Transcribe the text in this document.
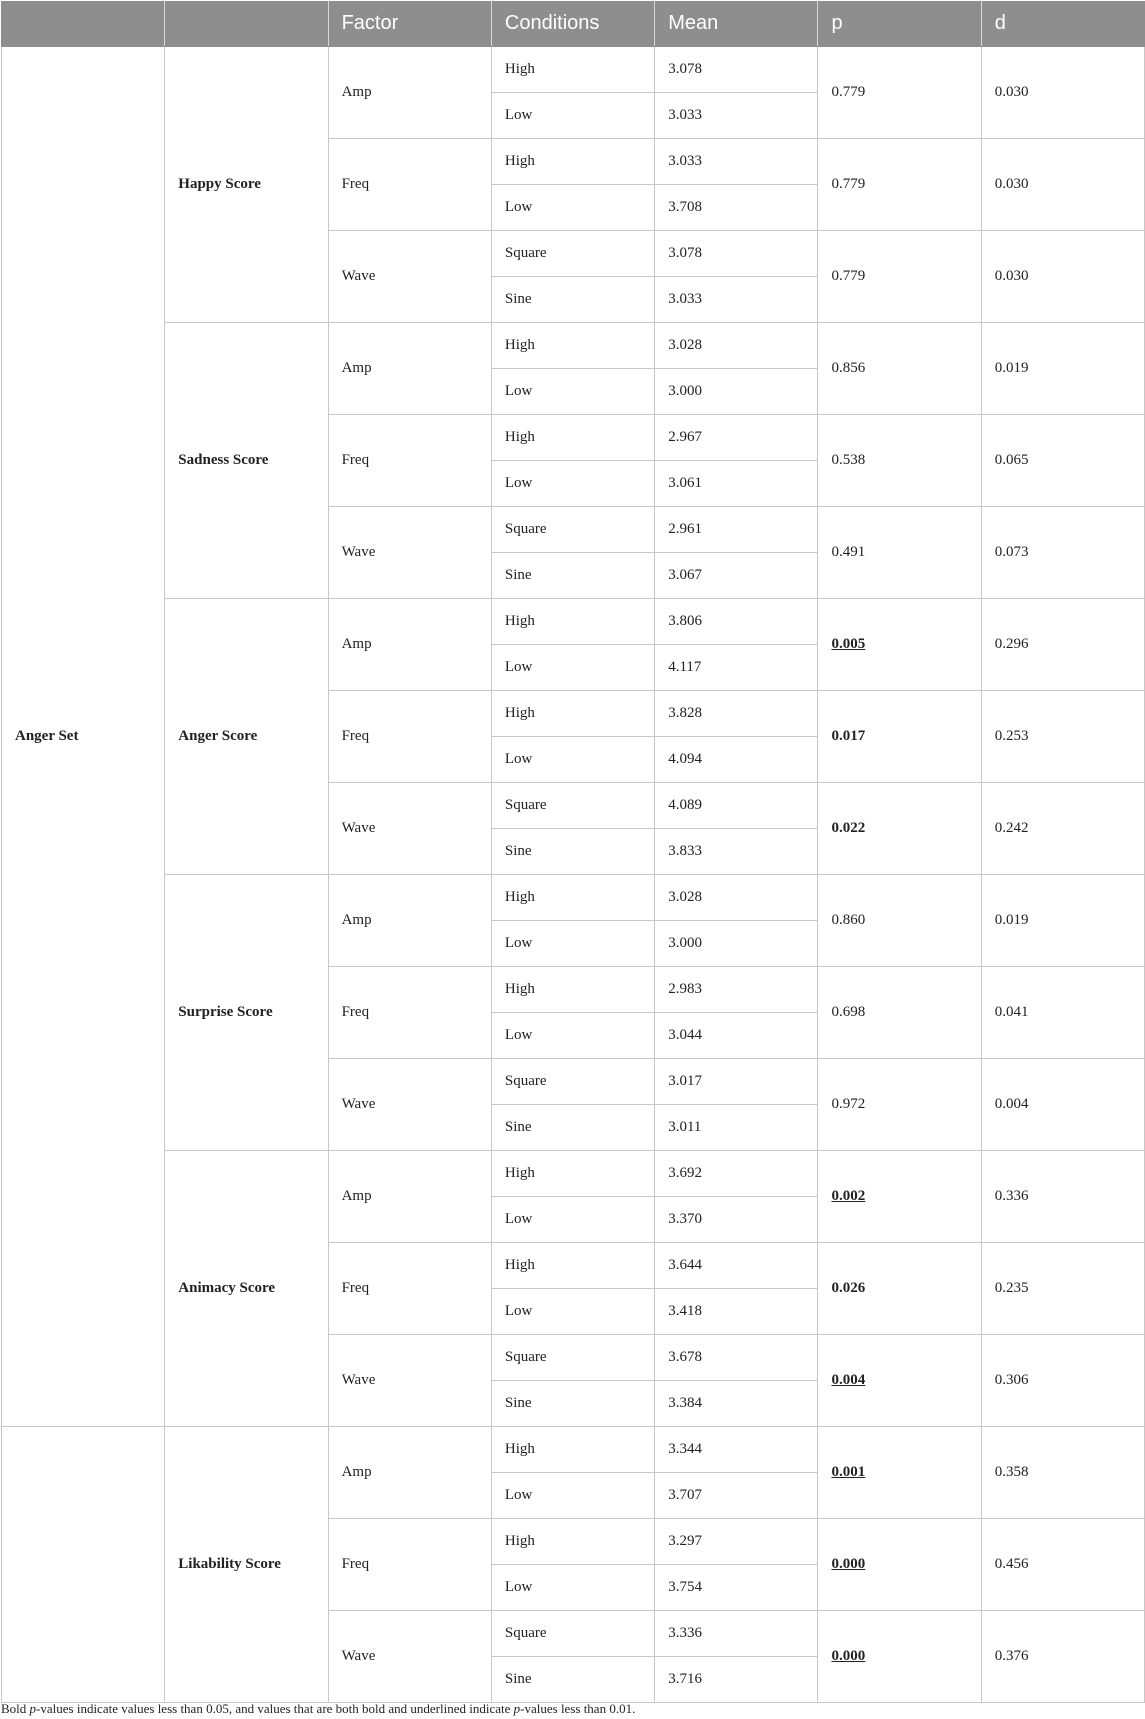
		Factor	Conditions	Mean	p	d
Anger Set	Happy Score	Amp	High	3.078	0.779	0.030
			Low	3.033		
		Freq	High	3.033	0.779	0.030
			Low	3.708		
		Wave	Square	3.078	0.779	0.030
			Sine	3.033		
	Sadness Score	Amp	High	3.028	0.856	0.019
			Low	3.000		
		Freq	High	2.967	0.538	0.065
			Low	3.061		
		Wave	Square	2.961	0.491	0.073
			Sine	3.067		
	Anger Score	Amp	High	3.806	0.005	0.296
			Low	4.117		
		Freq	High	3.828	0.017	0.253
			Low	4.094		
		Wave	Square	4.089	0.022	0.242
			Sine	3.833		
	Surprise Score	Amp	High	3.028	0.860	0.019
			Low	3.000		
		Freq	High	2.983	0.698	0.041
			Low	3.044		
		Wave	Square	3.017	0.972	0.004
			Sine	3.011		
	Animacy Score	Amp	High	3.692	0.002	0.336
			Low	3.370		
		Freq	High	3.644	0.026	0.235
			Low	3.418		
		Wave	Square	3.678	0.004	0.306
			Sine	3.384		
	Likability Score	Amp	High	3.344	0.001	0.358
			Low	3.707		
		Freq	High	3.297	0.000	0.456
			Low	3.754		
		Wave	Square	3.336	0.000	0.376
			Sine	3.716		
Bold p-values indicate values less than 0.05, and values that are both bold and underlined indicate p-values less than 0.01.
